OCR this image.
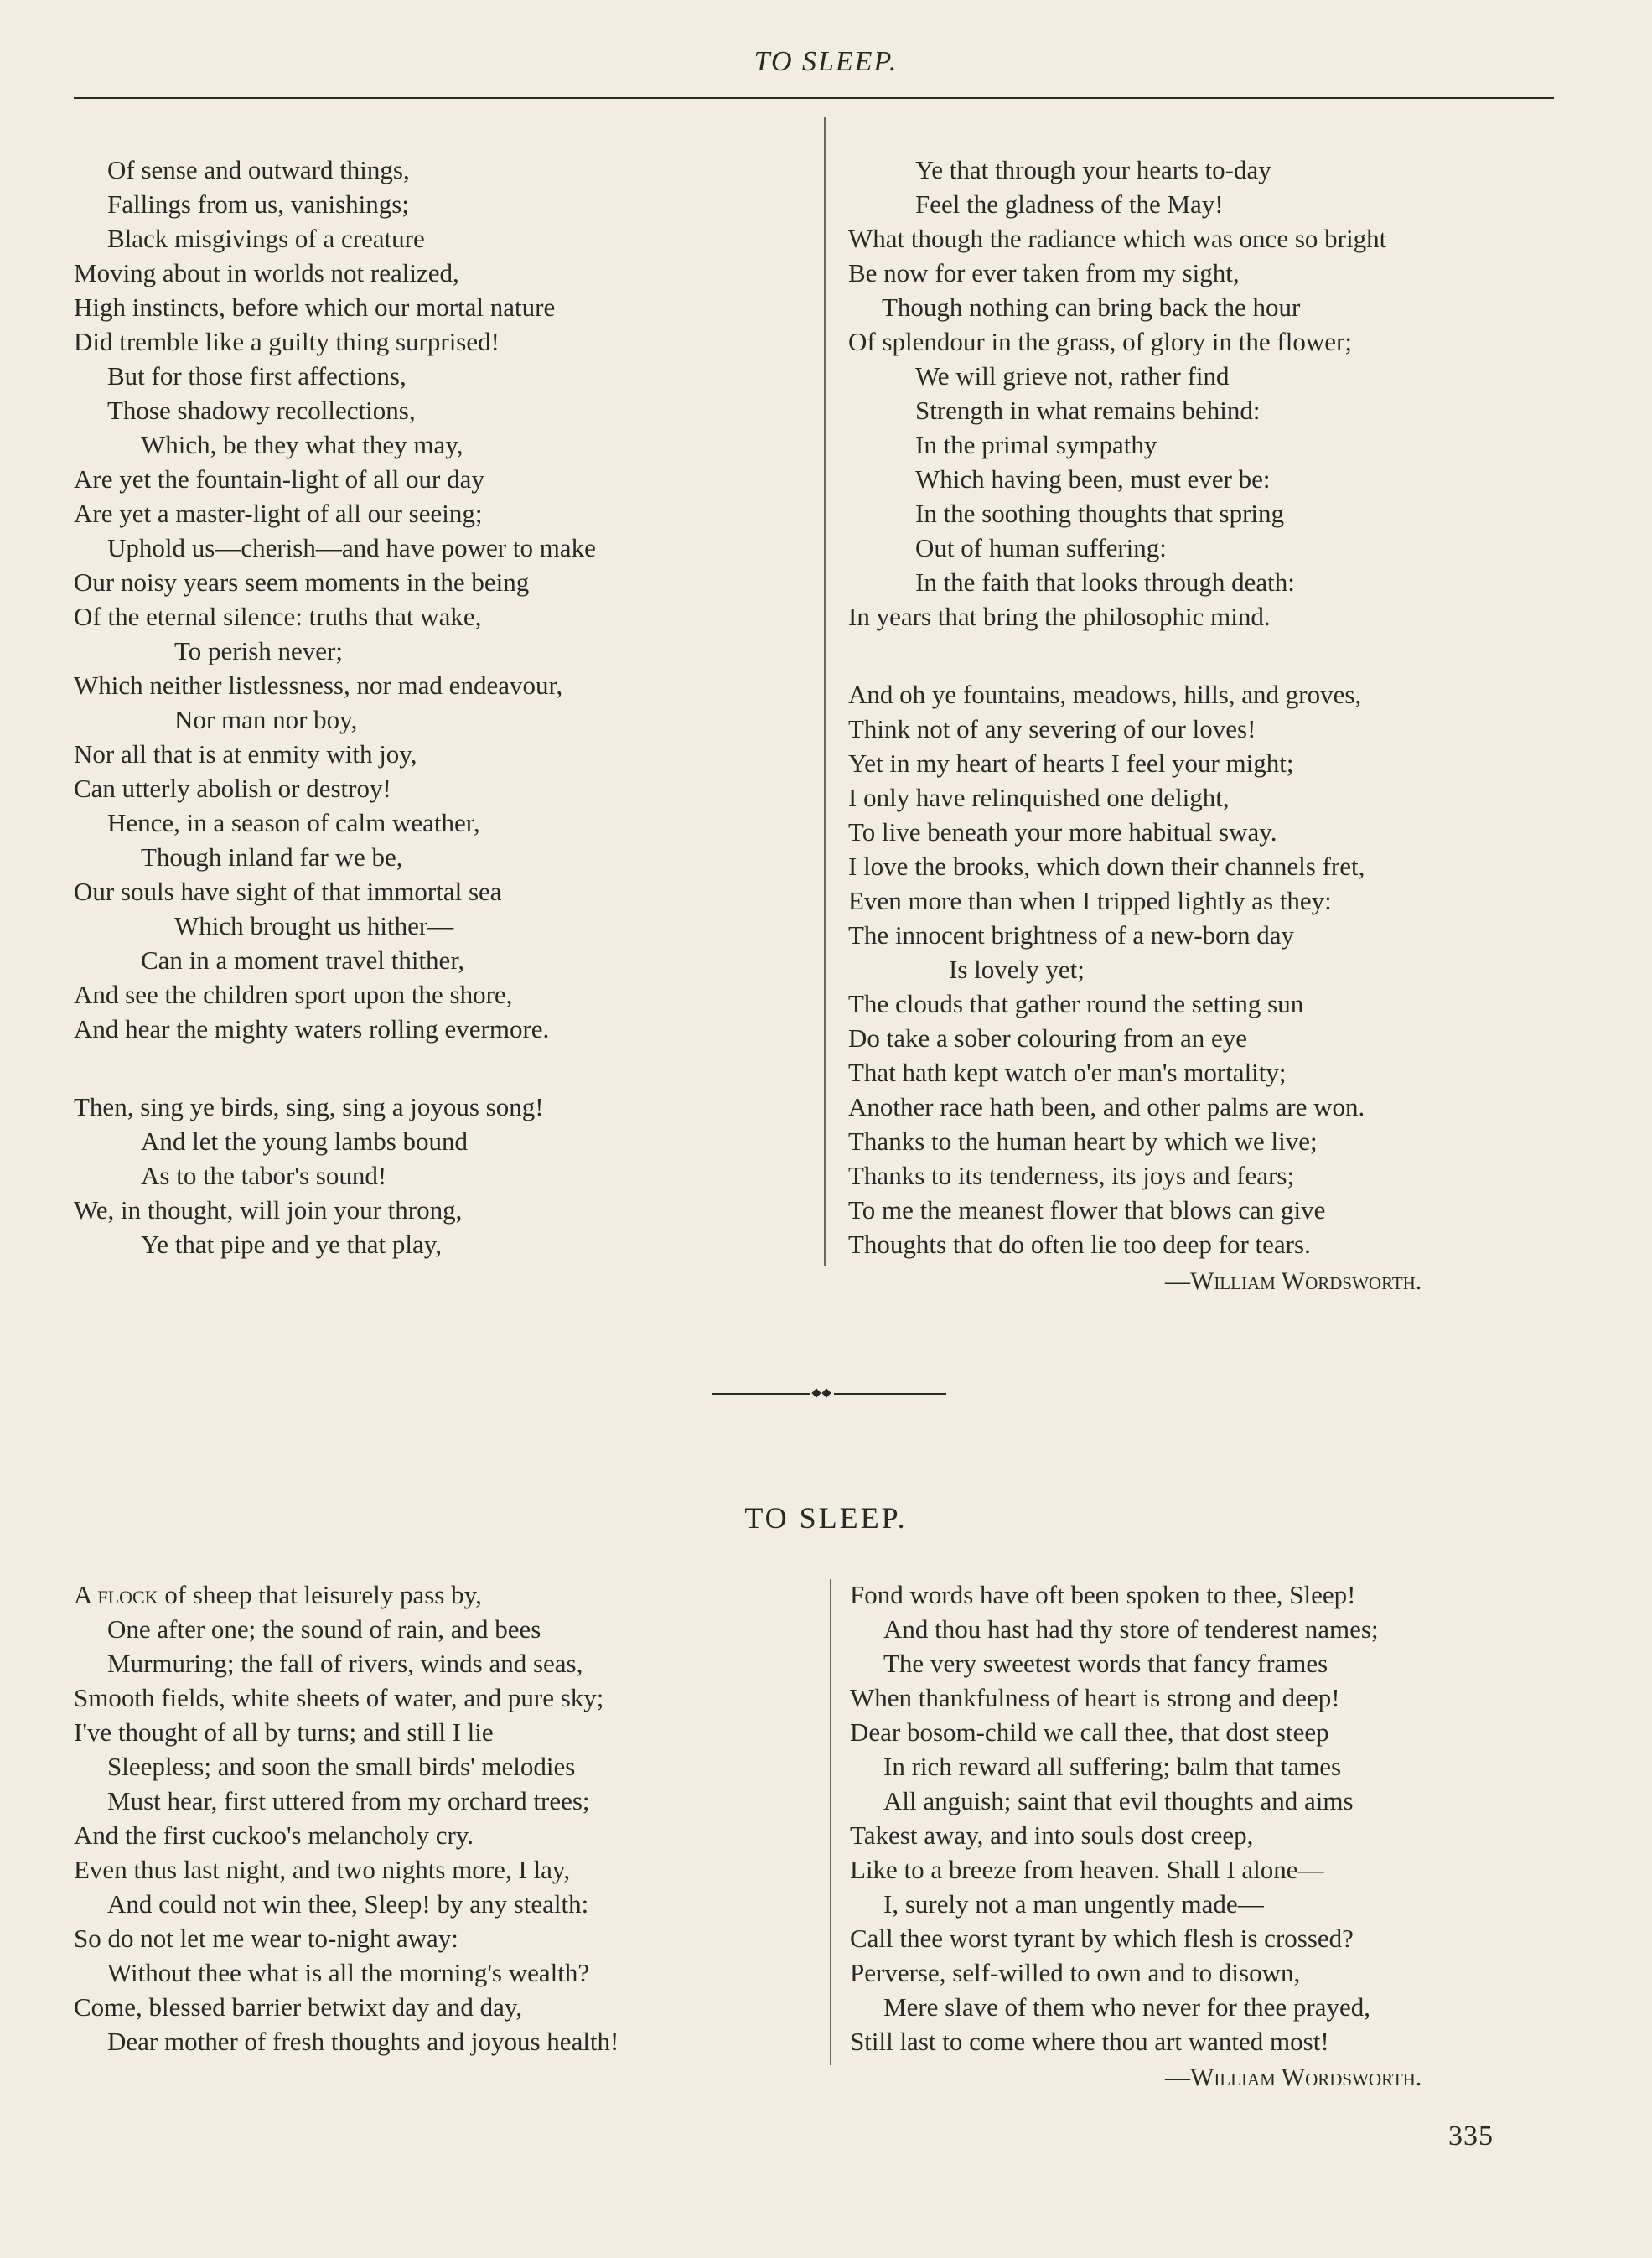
TO SLEEP.
Of sense and outward things,
Fallings from us, vanishings;
Black misgivings of a creature
Moving about in worlds not realized,
High instincts, before which our mortal nature
Did tremble like a guilty thing surprised!
But for those first affections,
Those shadowy recollections,
Which, be they what they may,
Are yet the fountain-light of all our day
Are yet a master-light of all our seeing;
Uphold us—cherish—and have power to make
Our noisy years seem moments in the being
Of the eternal silence: truths that wake,
To perish never;
Which neither listlessness, nor mad endeavour,
Nor man nor boy,
Nor all that is at enmity with joy,
Can utterly abolish or destroy!
Hence, in a season of calm weather,
Though inland far we be,
Our souls have sight of that immortal sea
Which brought us hither—
Can in a moment travel thither,
And see the children sport upon the shore,
And hear the mighty waters rolling evermore.
Then, sing ye birds, sing, sing a joyous song!
And let the young lambs bound
As to the tabor's sound!
We, in thought, will join your throng,
Ye that pipe and ye that play,
Ye that through your hearts to-day
Feel the gladness of the May!
What though the radiance which was once so bright
Be now for ever taken from my sight,
Though nothing can bring back the hour
Of splendour in the grass, of glory in the flower;
We will grieve not, rather find
Strength in what remains behind:
In the primal sympathy
Which having been, must ever be:
In the soothing thoughts that spring
Out of human suffering:
In the faith that looks through death:
In years that bring the philosophic mind.
And oh ye fountains, meadows, hills, and groves,
Think not of any severing of our loves!
Yet in my heart of hearts I feel your might;
I only have relinquished one delight,
To live beneath your more habitual sway.
I love the brooks, which down their channels fret,
Even more than when I tripped lightly as they:
The innocent brightness of a new-born day
Is lovely yet;
The clouds that gather round the setting sun
Do take a sober colouring from an eye
That hath kept watch o'er man's mortality;
Another race hath been, and other palms are won.
Thanks to the human heart by which we live;
Thanks to its tenderness, its joys and fears;
To me the meanest flower that blows can give
Thoughts that do often lie too deep for tears.
—William Wordsworth.
TO SLEEP.
A flock of sheep that leisurely pass by,
One after one; the sound of rain, and bees
Murmuring; the fall of rivers, winds and seas,
Smooth fields, white sheets of water, and pure sky;
I've thought of all by turns; and still I lie
Sleepless; and soon the small birds' melodies
Must hear, first uttered from my orchard trees;
And the first cuckoo's melancholy cry.
Even thus last night, and two nights more, I lay,
And could not win thee, Sleep! by any stealth:
So do not let me wear to-night away:
Without thee what is all the morning's wealth?
Come, blessed barrier betwixt day and day,
Dear mother of fresh thoughts and joyous health!
Fond words have oft been spoken to thee, Sleep!
And thou hast had thy store of tenderest names;
The very sweetest words that fancy frames
When thankfulness of heart is strong and deep!
Dear bosom-child we call thee, that dost steep
In rich reward all suffering; balm that tames
All anguish; saint that evil thoughts and aims
Takest away, and into souls dost creep,
Like to a breeze from heaven. Shall I alone—
I, surely not a man ungently made—
Call thee worst tyrant by which flesh is crossed?
Perverse, self-willed to own and to disown,
Mere slave of them who never for thee prayed,
Still last to come where thou art wanted most!
—William Wordsworth.
335
